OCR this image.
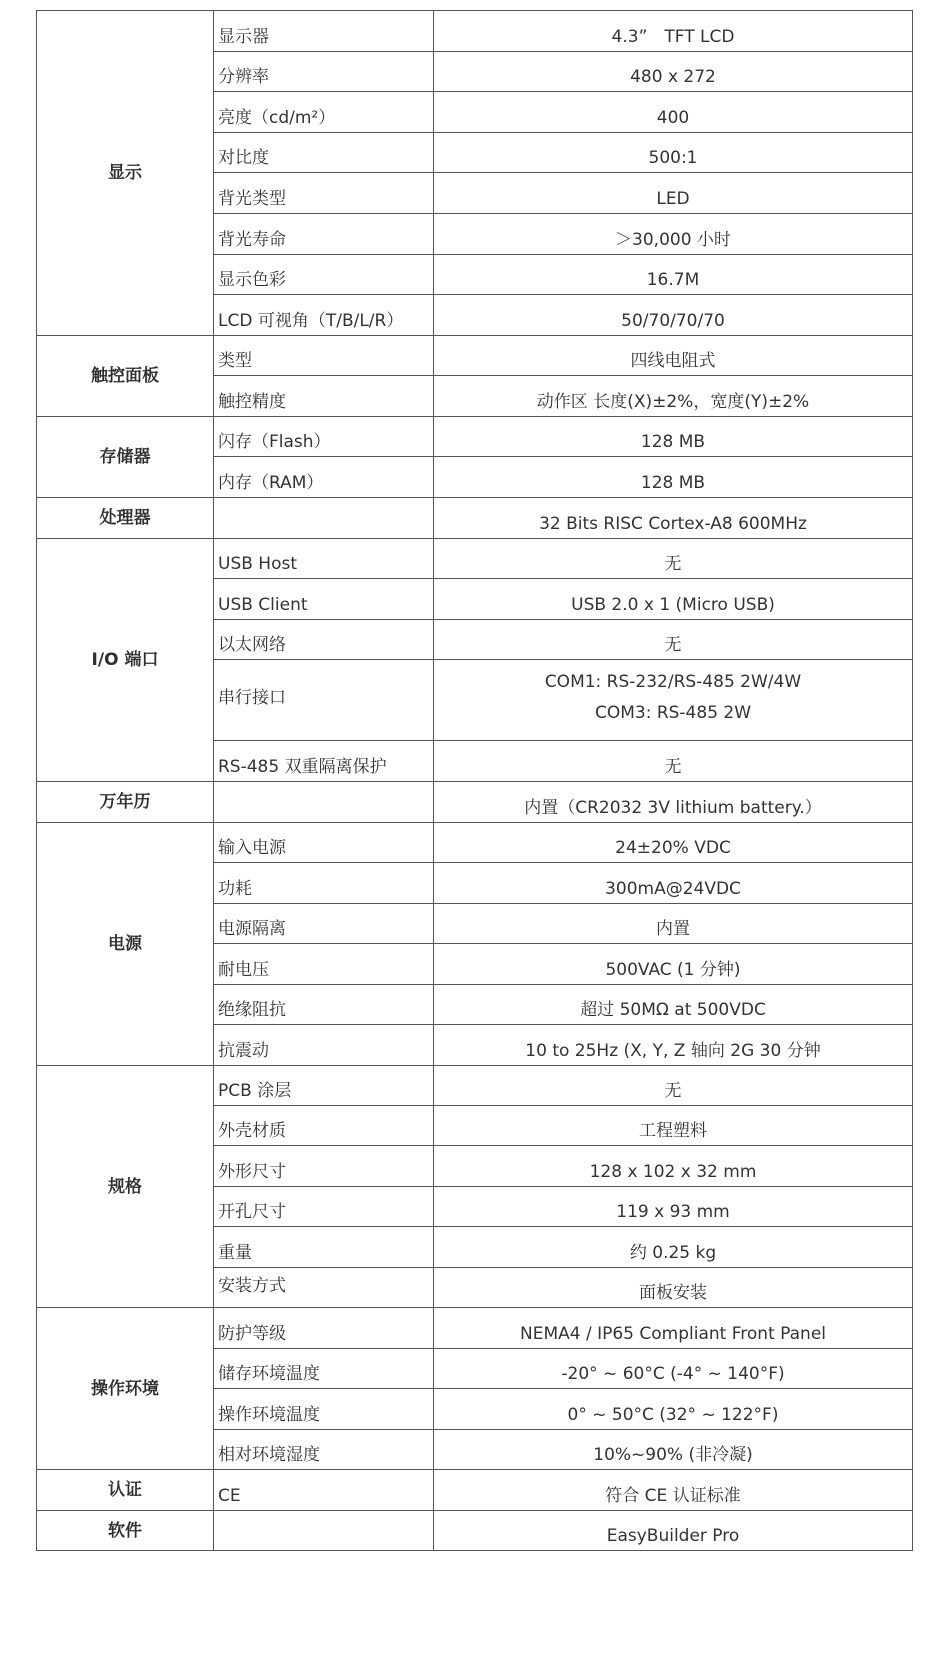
显示	显示器	4.3”　TFT LCD
	分辨率	480 x 272
	亮度（cd/m²）	400
	对比度	500:1
	背光类型	LED
	背光寿命	＞30,000 小时
	显示色彩	16.7M
	LCD 可视角（T/B/L/R）	50/70/70/70
触控面板	类型	四线电阻式
	触控精度	动作区 长度(X)±2%，宽度(Y)±2%
存储器	闪存（Flash）	128 MB
	内存（RAM）	128 MB
处理器		32 Bits RISC Cortex-A8 600MHz
I/O 端口	USB Host	无
	USB Client	USB 2.0 x 1 (Micro USB)
	以太网络	无
	串行接口	COM1: RS-232/RS-485 2W/4W
COM3: RS-485 2W

	RS-485 双重隔离保护	无
万年历		内置（CR2032 3V lithium battery.）
电源	输入电源	24±20% VDC
	功耗	300mA@24VDC
	电源隔离	内置
	耐电压	500VAC (1 分钟)
	绝缘阻抗	超过 50MΩ at 500VDC
	抗震动	10 to 25Hz (X, Y, Z 轴向 2G 30 分钟
规格	PCB 涂层	无
	外壳材质	工程塑料
	外形尺寸	128 x 102 x 32 mm
	开孔尺寸	119 x 93 mm
	重量	约 0.25 kg
	安装方式	面板安装
操作环境	防护等级	NEMA4 / IP65 Compliant Front Panel
	储存环境温度	-20° ~ 60°C (-4° ~ 140°F)
	操作环境温度	0° ~ 50°C (32° ~ 122°F)
	相对环境湿度	10%~90% (非冷凝)
认证	CE	符合 CE 认证标准
软件		EasyBuilder Pro
